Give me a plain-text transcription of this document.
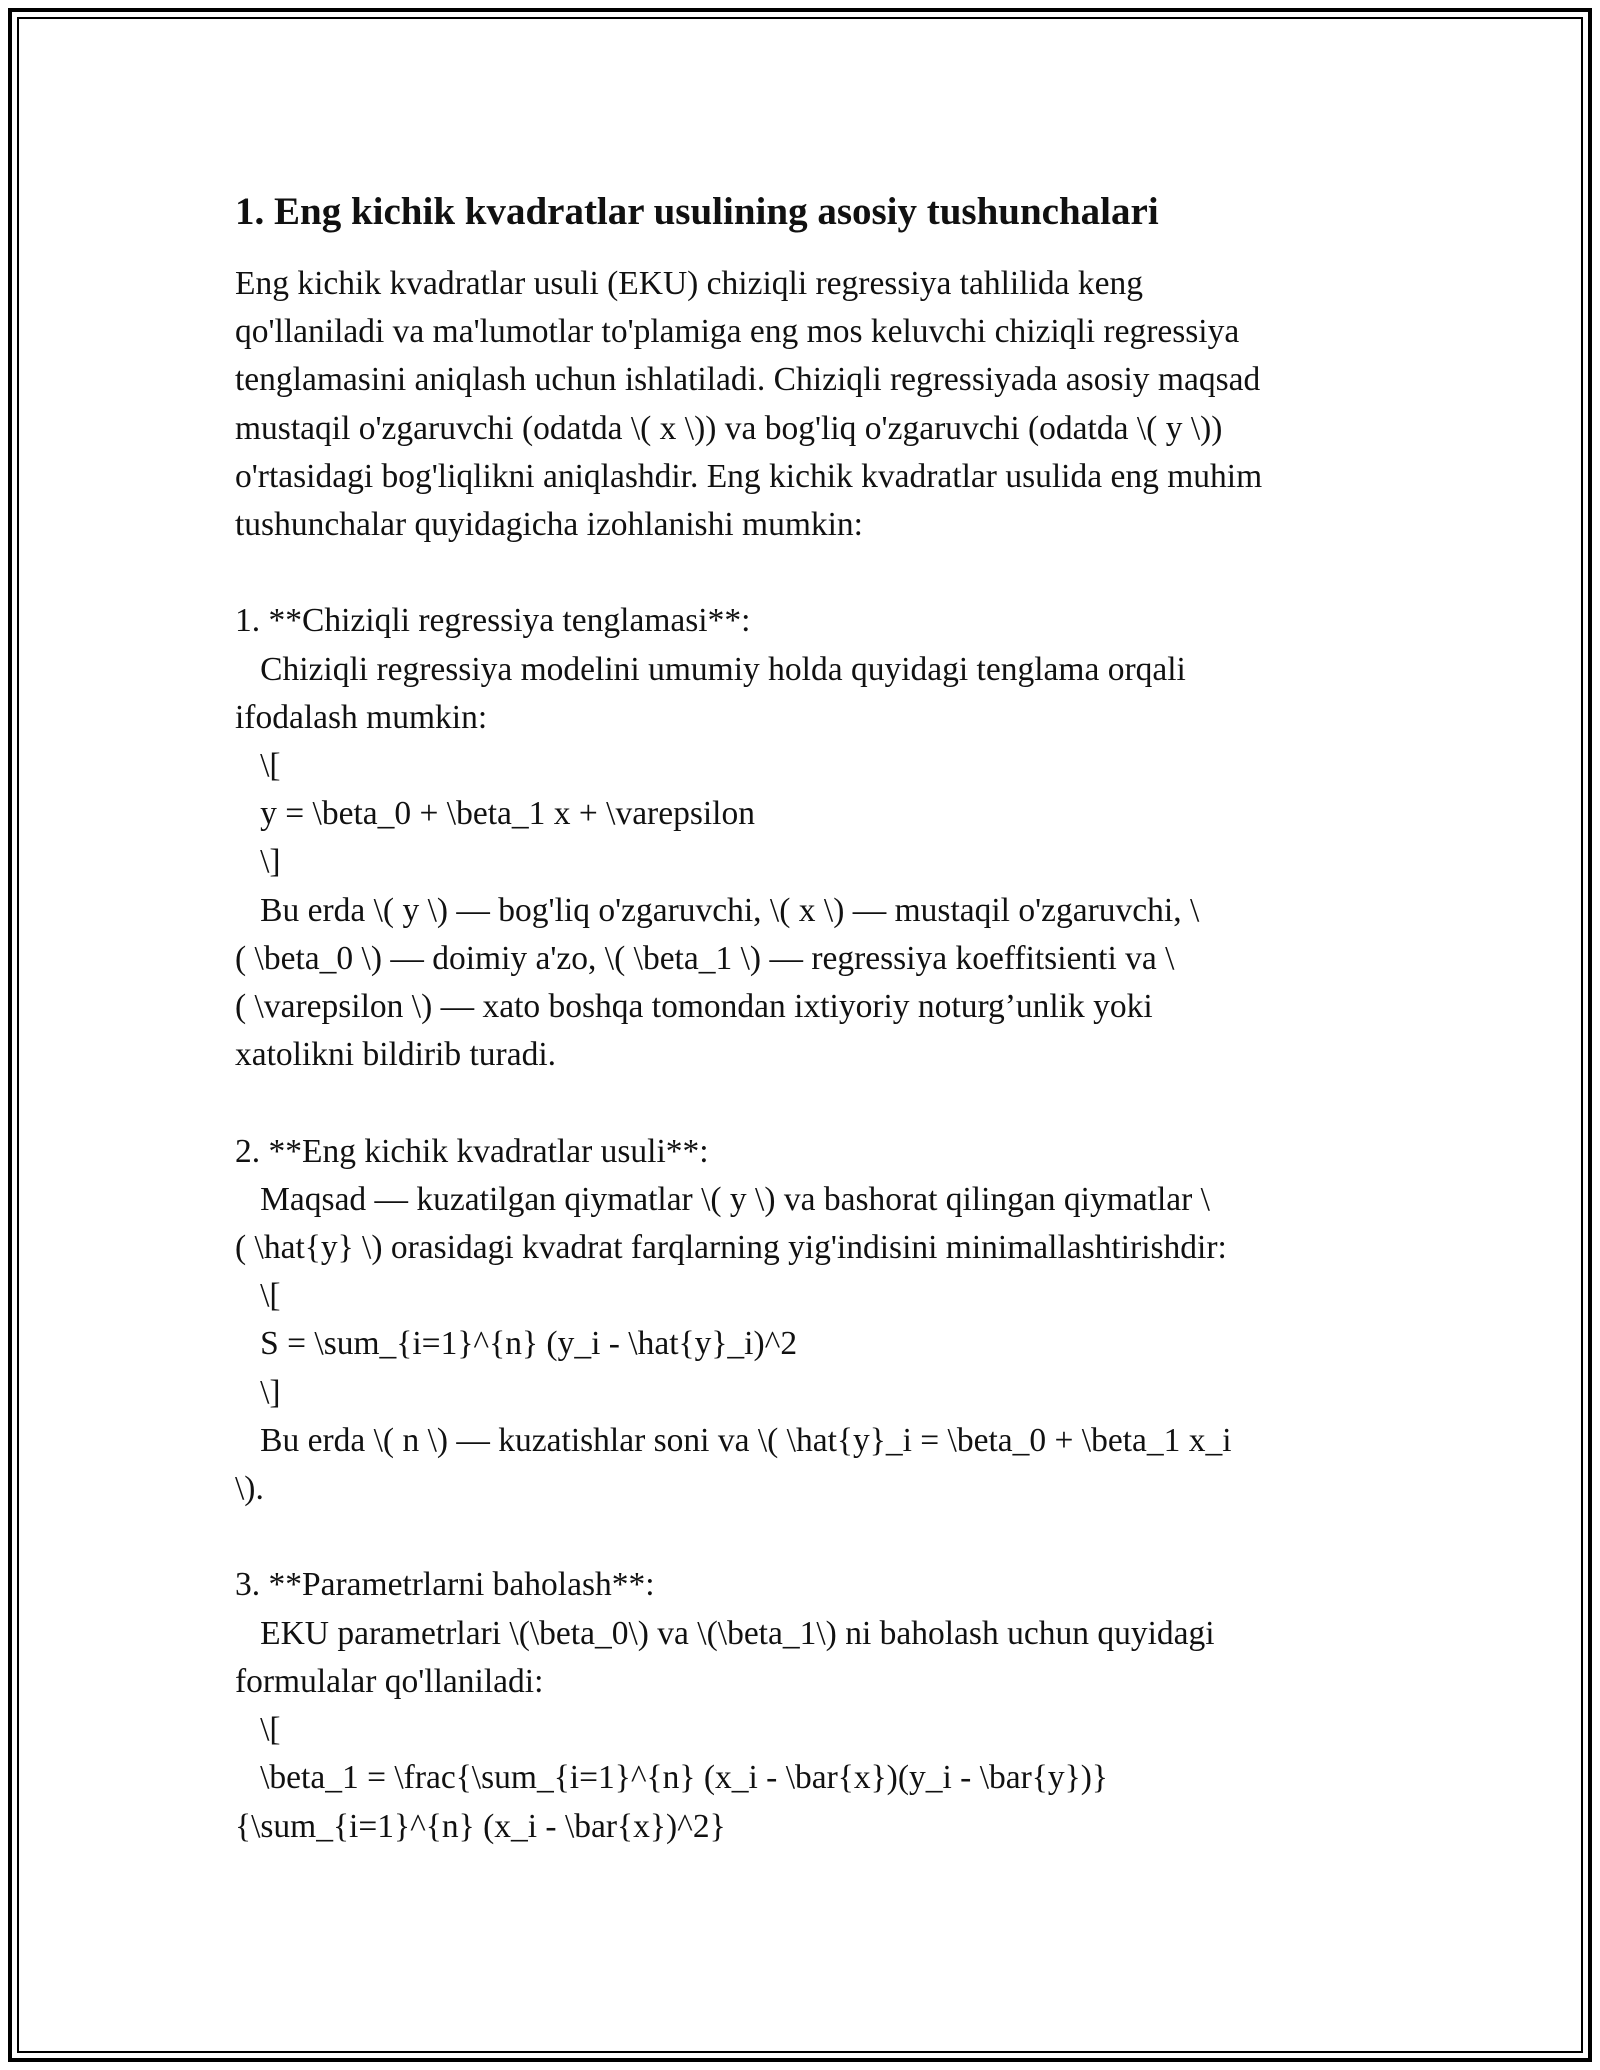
1. Eng kichik kvadratlar usulining asosiy tushunchalari
Eng kichik kvadratlar usuli (EKU) chiziqli regressiya tahlilida keng
qo'llaniladi va ma'lumotlar to'plamiga eng mos keluvchi chiziqli regressiya
tenglamasini aniqlash uchun ishlatiladi. Chiziqli regressiyada asosiy maqsad
mustaqil o'zgaruvchi (odatda \( x \)) va bog'liq o'zgaruvchi (odatda \( y \))
o'rtasidagi bog'liqlikni aniqlashdir. Eng kichik kvadratlar usulida eng muhim
tushunchalar quyidagicha izohlanishi mumkin:

1. **Chiziqli regressiya tenglamasi**:
Chiziqli regressiya modelini umumiy holda quyidagi tenglama orqali
ifodalash mumkin:
\[
y = \beta_0 + \beta_1 x + \varepsilon
\]
Bu erda \( y \) — bog'liq o'zgaruvchi, \( x \) — mustaqil o'zgaruvchi, \
( \beta_0 \) — doimiy a'zo, \( \beta_1 \) — regressiya koeffitsienti va \
( \varepsilon \) — xato boshqa tomondan ixtiyoriy noturg’unlik yoki
xatolikni bildirib turadi.

2. **Eng kichik kvadratlar usuli**:
Maqsad — kuzatilgan qiymatlar \( y \) va bashorat qilingan qiymatlar \
( \hat{y} \) orasidagi kvadrat farqlarning yig'indisini minimallashtirishdir:
\[
S = \sum_{i=1}^{n} (y_i - \hat{y}_i)^2
\]
Bu erda \( n \) — kuzatishlar soni va \( \hat{y}_i = \beta_0 + \beta_1 x_i
\).

3. **Parametrlarni baholash**:
EKU parametrlari \(\beta_0\) va \(\beta_1\) ni baholash uchun quyidagi
formulalar qo'llaniladi:
\[
\beta_1 = \frac{\sum_{i=1}^{n} (x_i - \bar{x})(y_i - \bar{y})}
{\sum_{i=1}^{n} (x_i - \bar{x})^2}
